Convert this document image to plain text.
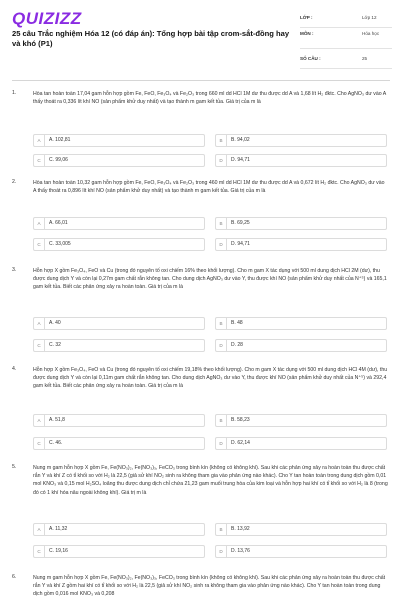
QUIZIZZ
25 câu Trắc nghiệm Hóa 12 (có đáp án): Tổng hợp bài tập crom-sắt-đồng hay và khó (P1)
LỚP :	Lớp 12
MÔN :	Hóa học
SỐ CÂU :	25
1.	Hòa tan hoàn toàn 17,04 gam hỗn hợp gồm Fe, FeO, Fe₃O₄ và Fe₂O₃ trong 660 ml dd HCl 1M dư thu được dd A và 1,68 lít H₂ đktc. Cho AgNO₃ dư vào A thấy thoát ra 0,336 lít khí NO (sản phẩm khử duy nhất) và tạo thành m gam kết tủa. Giá trị của m là
A	A. 102,81	B	B. 94,02
C	C. 99,06	D	D. 94,71
2.	Hòa tan hoàn toàn 10,32 gam hỗn hợp gồm Fe, FeO, Fe₃O₄ và Fe₂O₃ trong 460 ml dd HCl 1M dư thu được dd A và 0,672 lít H₂ đktc. Cho AgNO₃ dư vào A thấy thoát ra 0,896 lít khí NO (sản phẩm khử duy nhất) và tạo thành m gam kết tủa. Giá trị của m là
A	A. 66,01	B	B. 69,25
C	C. 33,005	D	D. 94,71
3.	Hỗn hợp X gồm Fe₃O₄, FeO và Cu (trong đó nguyên tố oxi chiếm 16% theo khối lượng). Cho m gam X tác dụng với 500 ml dung dịch HCl 2M (dư), thu được dung dịch Y và còn lại 0,27m gam chất rắn không tan. Cho dung dịch AgNO₃ dư vào Y, thu được khí NO (sản phẩm khử duy nhất của N⁺⁵) và 165,1 gam kết tủa. Biết các phản ứng xảy ra hoàn toàn. Giá trị của m là
A	A. 40	B	B. 48
C	C. 32	D	D. 28
4.	Hỗn hợp X gồm Fe₃O₄, FeO và Cu (trong đó nguyên tố oxi chiếm 19,18% theo khối lượng). Cho m gam X tác dụng với 500 ml dung dịch HCl 4M (dư), thu được dung dịch Y và còn lại 0,11m gam chất rắn không tan. Cho dung dịch AgNO₃ dư vào Y, thu được khí NO (sản phẩm khử duy nhất của N⁺⁵) và 292,4 gam kết tủa. Biết các phản ứng xảy ra hoàn toàn. Giá trị của m là
A	A. 51,8	B	B. 58,23
C	C. 46.	D	D. 62,14
5.	Nung m gam hỗn hợp X gồm Fe, Fe(NO₃)₂, Fe(NO₃)₃, FeCO₃ trong bình kín (không có không khí). Sau khi các phản ứng xảy ra hoàn toàn thu được chất rắn Y và khí Z có tỉ khối so với H₂ là 22,5 (giả sử khí NO₂ sinh ra không tham gia vào phản ứng nào khác). Cho Y tan hoàn toàn trong dung dịch gồm 0,01 mol KNO₃ và 0,15 mol H₂SO₄ loãng thu được dung dịch chỉ chứa 21,23 gam muối trung hòa của kim loại và hỗn hợp hai khí có tỉ khối so với H₂ là 8 (trong đó có 1 khí hóa nâu ngoài không khí). Giá trị m là
A	A. 11,32	B	B. 13,92
C	C. 19,16	D	D. 13,76
6.	Nung m gam hỗn hợp X gồm Fe, Fe(NO₃)₂, Fe(NO₃)₃, FeCO₃ trong bình kín (không có không khí). Sau khi các phản ứng xảy ra hoàn toàn thu được chất rắn Y và khí Z gồm hai khí có tỉ khối so với H₂ là 22,5 (giả sử khí NO₂ sinh ra không tham gia vào phản ứng nào khác). Cho Y tan hoàn toàn trong dung dịch gồm 0,016 mol KNO₃ và 0,208
